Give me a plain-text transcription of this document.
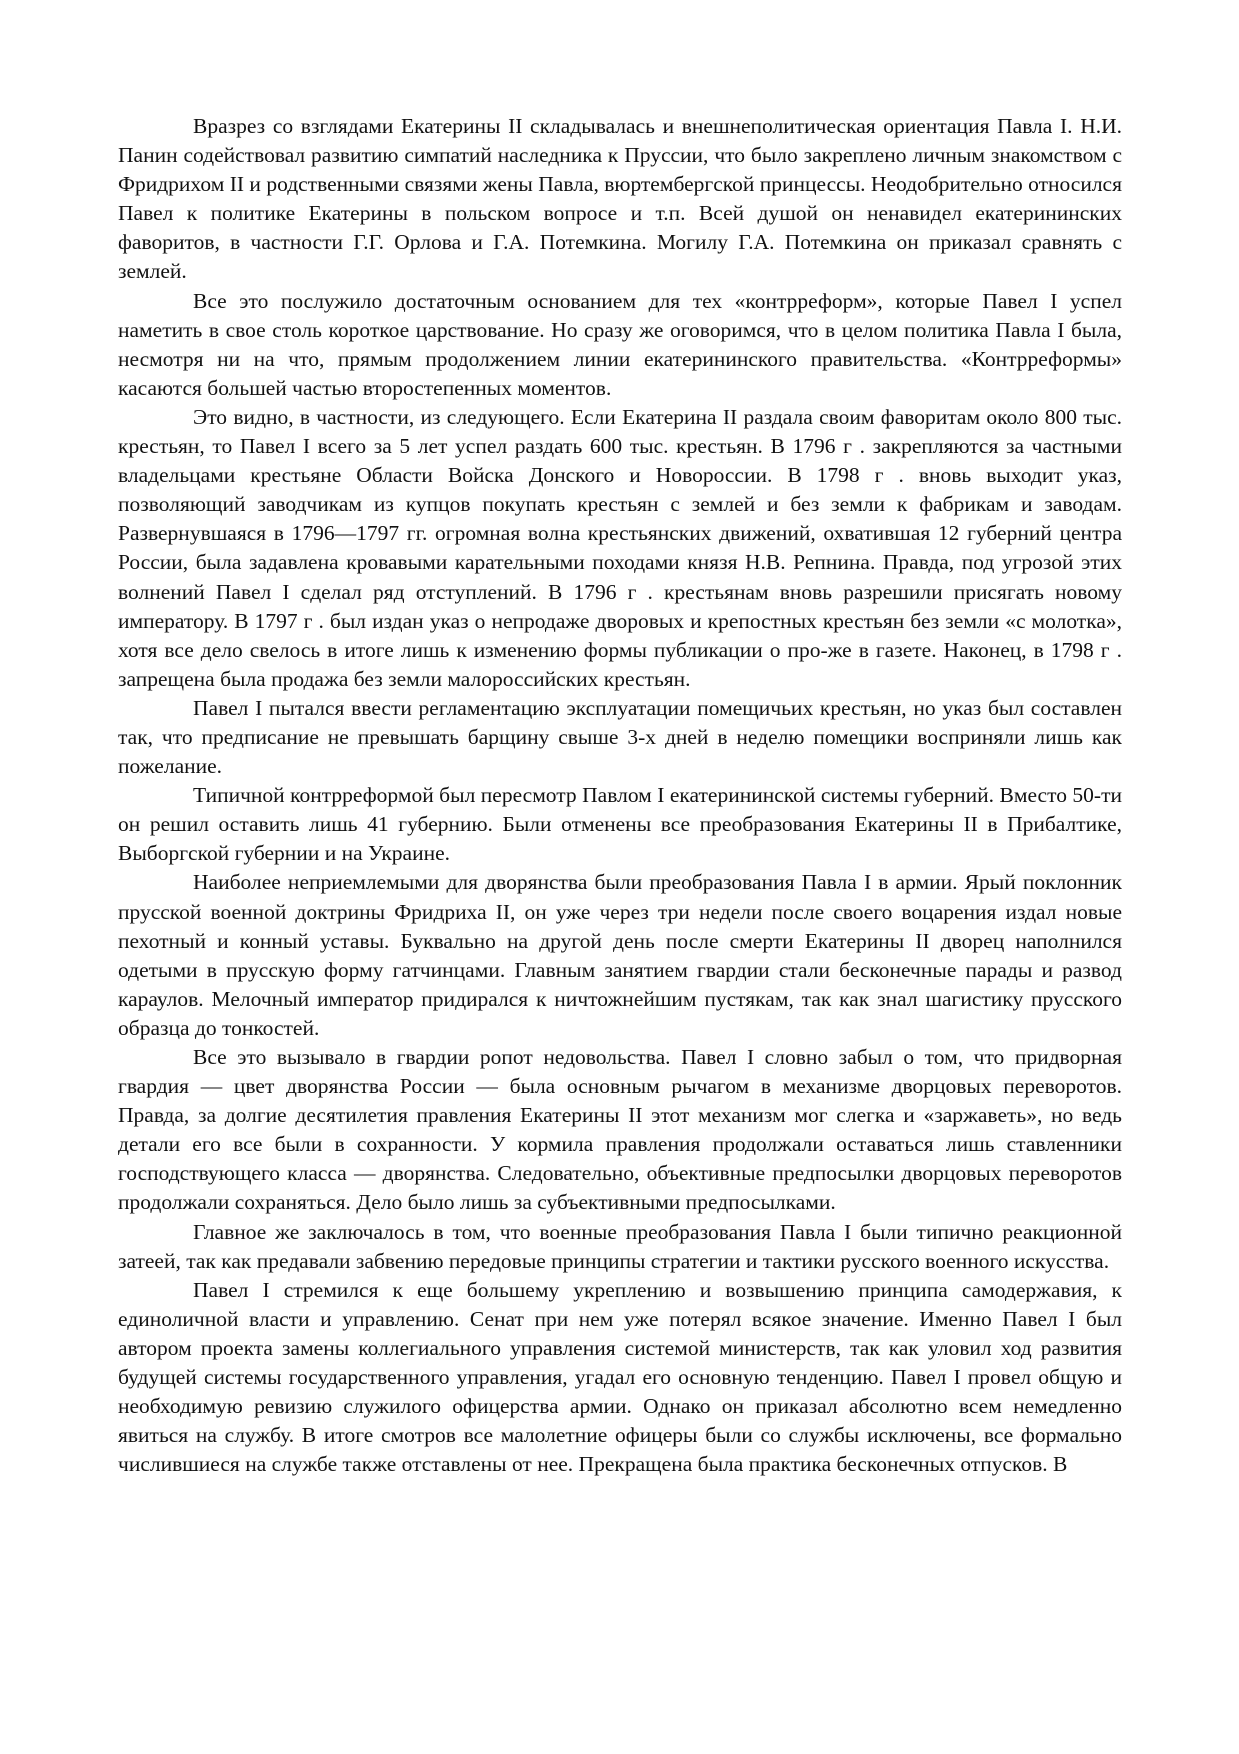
Вразрез со взглядами Екатерины II складывалась и внешнеполитическая ориентация Павла I. Н.И. Панин содействовал развитию симпатий наследника к Пруссии, что было закреплено личным знакомством с Фридрихом II и родственными связями жены Павла, вюртембергской принцессы. Неодобрительно относился Павел к политике Екатерины в польском вопросе и т.п. Всей душой он ненавидел екатерининских фаворитов, в частности Г.Г. Орлова и Г.А. Потемкина. Могилу Г.А. Потемкина он приказал сравнять с землей.

Все это послужило достаточным основанием для тех «контрреформ», которые Павел I успел наметить в свое столь короткое царствование. Но сразу же оговоримся, что в целом политика Павла I была, несмотря ни на что, прямым продолжением линии екатерининского правительства. «Контрреформы» касаются большей частью второстепенных моментов.

Это видно, в частности, из следующего. Если Екатерина II раздала своим фаворитам около 800 тыс. крестьян, то Павел I всего за 5 лет успел раздать 600 тыс. крестьян. В 1796 г . закрепляются за частными владельцами крестьяне Области Войска Донского и Новороссии. В 1798 г . вновь выходит указ, позволяющий заводчикам из купцов покупать крестьян с землей и без земли к фабрикам и заводам. Развернувшаяся в 1796—1797 гг. огромная волна крестьянских движений, охватившая 12 губерний центра России, была задавлена кровавыми карательными походами князя Н.В. Репнина. Правда, под угрозой этих волнений Павел I сделал ряд отступлений. В 1796 г . крестьянам вновь разрешили присягать новому императору. В 1797 г . был издан указ о непродаже дворовых и крепостных крестьян без земли «с молотка», хотя все дело свелось в итоге лишь к изменению формы публикации о про-же в газете. Наконец, в 1798 г . запрещена была продажа без земли малороссийских крестьян.

Павел I пытался ввести регламентацию эксплуатации помещичьих крестьян, но указ был составлен так, что предписание не превышать барщину свыше 3-х дней в неделю помещики восприняли лишь как пожелание.

Типичной контрреформой был пересмотр Павлом I екатерининской системы губерний. Вместо 50-ти он решил оставить лишь 41 губернию. Были отменены все преобразования Екатерины II в Прибалтике, Выборгской губернии и на Украине.

Наиболее неприемлемыми для дворянства были преобразования Павла I в армии. Ярый поклонник прусской военной доктрины Фридриха II, он уже через три недели после своего воцарения издал новые пехотный и конный уставы. Буквально на другой день после смерти Екатерины II дворец наполнился одетыми в прусскую форму гатчинцами. Главным занятием гвардии стали бесконечные парады и развод караулов. Мелочный император придирался к ничтожнейшим пустякам, так как знал шагистику прусского образца до тонкостей.

Все это вызывало в гвардии ропот недовольства. Павел I словно забыл о том, что придворная гвардия — цвет дворянства России — была основным рычагом в механизме дворцовых переворотов. Правда, за долгие десятилетия правления Екатерины II этот механизм мог слегка и «заржаветь», но ведь детали его все были в сохранности. У кормила правления продолжали оставаться лишь ставленники господствующего класса — дворянства. Следовательно, объективные предпосылки дворцовых переворотов продолжали сохраняться. Дело было лишь за субъективными предпосылками.

Главное же заключалось в том, что военные преобразования Павла I были типично реакционной затеей, так как предавали забвению передовые принципы стратегии и тактики русского военного искусства.

Павел I стремился к еще большему укреплению и возвышению принципа самодержавия, к единоличной власти и управлению. Сенат при нем уже потерял всякое значение. Именно Павел I был автором проекта замены коллегиального управления системой министерств, так как уловил ход развития будущей системы государственного управления, угадал его основную тенденцию. Павел I провел общую и необходимую ревизию служилого офицерства армии. Однако он приказал абсолютно всем немедленно явиться на службу. В итоге смотров все малолетние офицеры были со службы исключены, все формально числившиеся на службе также отставлены от нее. Прекращена была практика бесконечных отпусков. В
